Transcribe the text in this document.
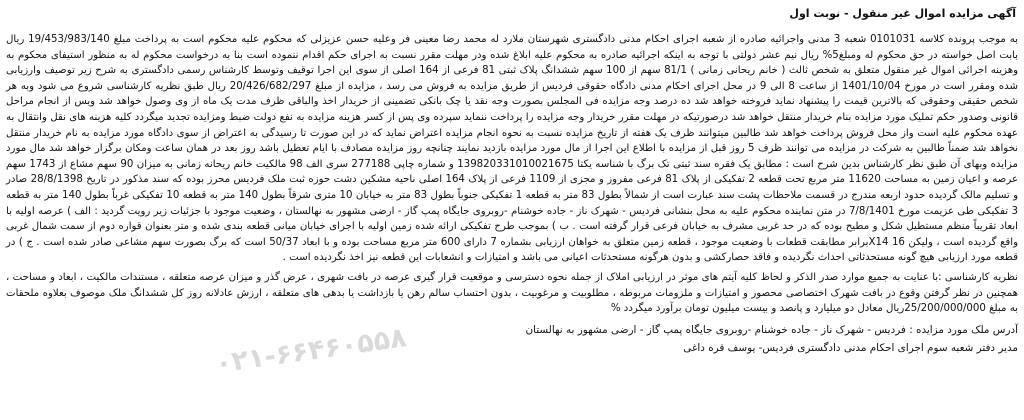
آگهی مزایده اموال غیر منقول - نوبت اول

به موجب پرونده کلاسه 0101031 شعبه 3 مدنی واجرائیه صادره از شعبه اجرای احکام مدنی دادگستری شهرستان ملارد له محمد رضا معینی فر وعلیه حسن عزیزلی که محکوم علیه محکوم است به پرداخت مبلغ 19/453/983/140 ریال بابت اصل خواسته در حق محکوم له ومبلغ5% ریال نیم عشر دولتی با توجه به اینکه اجرائیه صادره به محکوم علیه ابلاغ شده ودر مهلت مقرر نسبت به اجرای حکم اقدام ننموده است بنا به درخواست محکوم له به منظور استیفای محکوم به وهزینه اجرائی اموال غیر منقول متعلق به شخص ثالث ( خانم ریحانی زمانی ) 81/1 سهم از 100 سهم ششدانگ پلاک ثبتی 81 فرعی از 164 اصلی از سوی این اجرا توقیف وتوسط کارشناس رسمی دادگستری به شرح زیر توصیف وارزیابی شده ومقرر است در مورخ 1401/10/04 از ساعت 8 الی 9 در محل اجرای احکام مدنی دادگاه حقوقی فردیس از طریق مزایده به فروش می رسد ، مزایده از مبلغ 20/426/682/297 ریال طبق نظریه کارشناسی شروع می شود وبه هر شخص حقیقی وحقوقی که بالاترین قیمت را پیشنهاد نماید فروخته خواهد شد ده درصد وجه مزایده فی المجلس بصورت وجه نقد یا چک بانکی تضمینی از خریدار اخذ والباقی ظرف مدت یک ماه از وی وصول خواهد شد ویس از انجام مراحل قانونی وصدور حکم تملیک مورد مزایده بنام خریدار منتقل خواهد شد درصورتیکه در مهلت مقرر خریدار وجه مزایده را پرداخت ننماید سپرده وی پس از کسر هزینه مزایده به نفع دولت ضبط ومزایده تجدید میگردد کلیه هزینه های نقل وانتقال به عهده محکوم علیه است واز محل فروش پرداخت خواهد شد طالبین میتوانند ظرف یک هفته از تاریخ مزایده نسبت به نحوه انجام مزایده اعتراض نماید که در این صورت تا رسیدگی به اعتراض از سوی دادگاه مورد مزایده به نام خریدار منتقل نخواهد شد ضمناً طالبین به شرکت در مزایده می توانند ظرف 5 روز قبل از مزایده با اطلاع این اجرا از مال مورد مزایده بازدید نمایند چنانچه روز مزایده مصادف با ایام تعطیل باشد روز بعد در همان ساعت ومکان برگزار خواهد شد مال مورد مزایده وبهای آن طبق نظر کارشناس بدین شرح است : مطابق یک فقره سند ثبتی تک برگ با شناسه یکتا 139820331010021675 و شماره چاپی 277188 سری الف 98 مالکیت خانم ریحانه زمانی به میزان 90 سهم مشاع از 1743 سهم عرصه و اعیان زمین به مساحت 11620 متر مربع تحت قطعه 2 تفکیکی از پلاک 81 فرعی مفروز و مجزی از 1109 فرعی از پلاک 164 اصلی ناحیه مشکین دشت حوزه ثبت ملک فردیس محرز بوده که سند مذکور در تاریخ 28/8/1398 صادر و تسلیم مالک گردیده حدود اربعه مندرج در قسمت ملاحظات پشت سند عبارت است از شمالاً بطول 83 متر به قطعه 1 تفکیکی جنوباً بطول 83 متر به خیابان 10 متری شرقاً بطول 140 متر به قطعه 10 تفکیکی غرباً بطول 140 متر به قطعه 3 تفکیکی طی عزیمت مورخ 7/8/1401 در متن نماینده محکوم علیه به محل بنشانی فردیس - شهرک ناز - جاده خوشنام -روبروی جایگاه پمپ گاز - ارضی مشهور به نهالستان ، وضعیت موجود با جزئیات زیر رویت گردید : الف ) عرصه اولیه با ابعاد تقریباً منظم مستطیل شکل و مطیح بوده که در حد غربی مشرف به خیابان فرعی قرار گرفته است . ب ) بموجب طرح تفکیکی ارائه شده زمین اولیه با اجرای خیابان میانی قطعه بندی شده و متر بعنوان قواره دوم از سمت شمال غربی واقع گردیده است ، ولیکن 16 X14برابر مطابقت قطعات با وضعیت موجود ، قطعه زمین متعلق به خواهان ارزیابی بشماره 7 دارای 600 متر مربع مساحت بوده و با ابعاد 50/37 است که برگ بصورت سهم مشاعی صادر شده است . ج ) در قطعه مورد ارزیابی هیچ گونه مستحدثاتی احداث نگردیده و فاقد حصارکشی و بدون هرگونه مستحدثات اعیانی می باشد و امتیازات و انشعابات این قطعه نیز اخذ نگردیده است .

نظریه کارشناسی :با عنایت به جمیع موارد صدر الذکر و لحاظ کلیه آیتم های موثر در ارزیابی املاک از جمله نحوه دسترسی و موقعیت قرار گیری عرصه در بافت شهری ، عرض گذر و میزان عرصه متعلقه ، مستندات مالکیت ، ابعاد و مساحت ، همچنین در نظر گرفتن وقوع در بافت شهرک اختصاصی محصور و امتیازات و ملزومات مربوطه ، مطلوبیت و مرغوبیت ، بدون احتساب سالم رهن یا بازداشت یا بدهی های متعلقه ، ارزش عادلانه روز کل ششدانگ ملک موصوف بعلاوه ملحقات به مبلغ 25/200/000/000ریال معادل دو میلیارد و پانصد و بیست میلیون تومان برآورد میگردد %

آدرس ملک مورد مزایده : فردیس - شهرک ناز - جاده خوشنام -روبروی جایگاه پمپ گاز - ارضی مشهور به نهالستان

مدیر دفتر شعبه سوم اجرای احکام مدنی دادگستری فردیس- یوسف قره داغی

۰۲۱-۶۶۴۶۰۵۵۸
